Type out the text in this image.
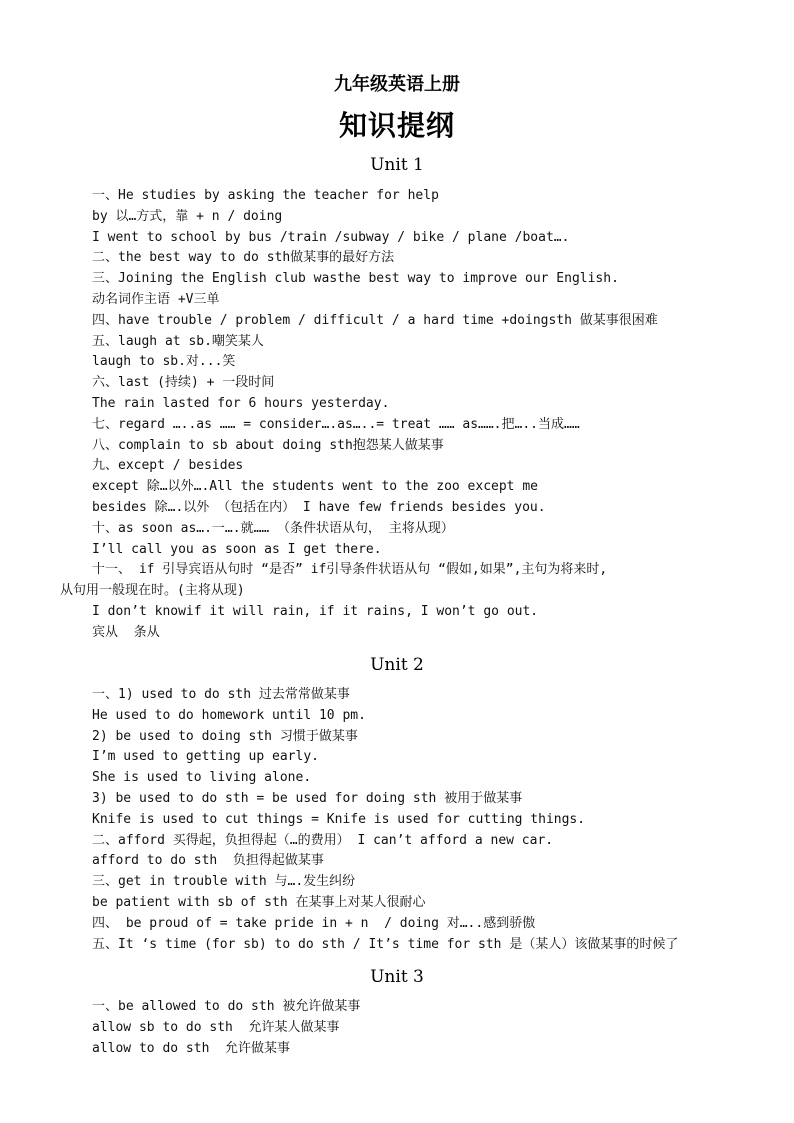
九年级英语上册
知识提纲
Unit 1
一、He studies by asking the teacher for help
by 以…方式，靠 + n / doing
I went to school by bus /train /subway / bike / plane /boat….
二、the best way to do sth做某事的最好方法
三、Joining the English club wasthe best way to improve our English.
动名词作主语 +V三单
四、have trouble / problem / difficult / a hard time +doingsth 做某事很困难
五、laugh at sb.嘲笑某人
laugh to sb.对...笑
六、last (持续) + 一段时间
The rain lasted for 6 hours yesterday.
七、regard …..as …… = consider….as…..= treat …… as…….把…..当成……
八、complain to sb about doing sth抱怨某人做某事
九、except / besides
except 除…以外….All the students went to the zoo except me
besides 除….以外 （包括在内） I have few friends besides you.
十、as soon as….一….就…… （条件状语从句， 主将从现）
I’ll call you as soon as I get there.
十一、 if 引导宾语从句时 “是否” if引导条件状语从句 “假如,如果”,主句为将来时,
从句用一般现在时。(主将从现)
I don’t knowif it will rain, if it rains, I won’t go out.
宾从  条从
Unit 2
一、1) used to do sth 过去常常做某事
He used to do homework until 10 pm.
2) be used to doing sth 习惯于做某事
I’m used to getting up early.
She is used to living alone.
3) be used to do sth = be used for doing sth 被用于做某事
Knife is used to cut things = Knife is used for cutting things.
二、afford 买得起，负担得起（…的费用） I can’t afford a new car.
afford to do sth  负担得起做某事
三、get in trouble with 与….发生纠纷
be patient with sb of sth 在某事上对某人很耐心
四、 be proud of = take pride in + n  / doing 对…..感到骄傲
五、It ‘s time (for sb) to do sth / It’s time for sth 是（某人）该做某事的时候了
Unit 3
一、be allowed to do sth 被允许做某事
allow sb to do sth  允许某人做某事
allow to do sth  允许做某事
